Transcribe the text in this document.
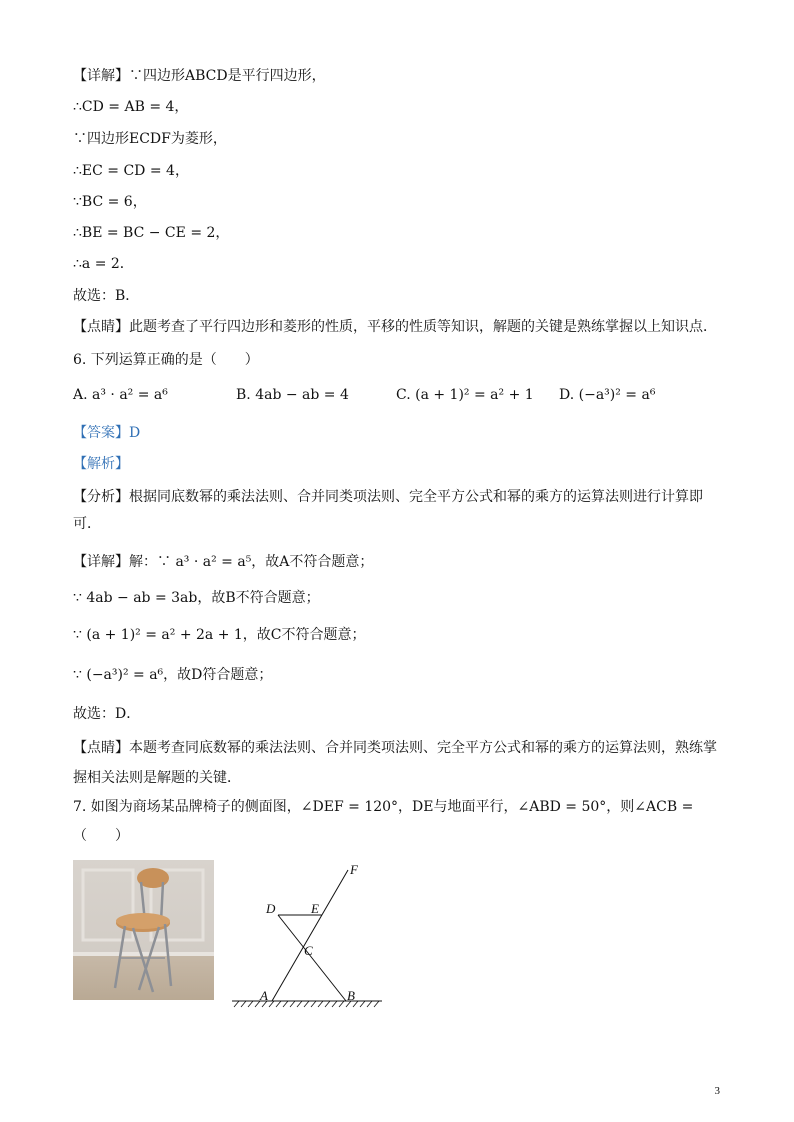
【详解】∵四边形ABCD是平行四边形，
∴CD = AB = 4，
∵四边形ECDF为菱形，
∴EC = CD = 4，
∵BC = 6，
∴BE = BC − CE = 2，
∴a = 2．
故选：B．
【点睛】此题考查了平行四边形和菱形的性质，平移的性质等知识，解题的关键是熟练掌握以上知识点．
6. 下列运算正确的是（　　）
A. a³ · a² = a⁶	B. 4ab − ab = 4	C. (a + 1)² = a² + 1 D. (−a³)² = a⁶
【答案】D
【解析】
【分析】根据同底数幂的乘法法则、合并同类项法则、完全平方公式和幂的乘方的运算法则进行计算即可．
【详解】解：∵ a³ · a² = a⁵，故A不符合题意；
∵ 4ab − ab = 3ab，故B不符合题意；
∵ (a + 1)² = a² + 2a + 1，故C不符合题意；
∵ (−a³)² = a⁶，故D符合题意；
故选：D．
【点睛】本题考查同底数幂的乘法法则、合并同类项法则、完全平方公式和幂的乘方的运算法则，熟练掌握相关法则是解题的关键．
7. 如图为商场某品牌椅子的侧面图，∠DEF = 120°，DE与地面平行，∠ABD = 50°，则∠ACB =
（　　）
F
D	E
C
A	B
3
